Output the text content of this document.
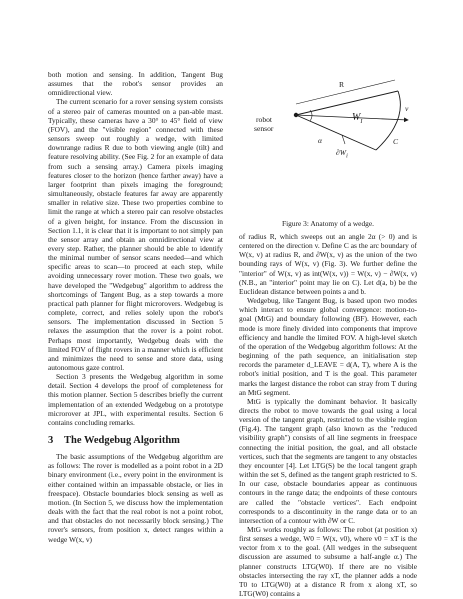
both motion and sensing. In addition, Tangent Bug assumes that the robot's sensor provides an omnidirectional view.

The current scenario for a rover sensing system consists of a stereo pair of cameras mounted on a pan-able mast. Typically, these cameras have a 30° to 45° field of view (FOV), and the "visible region" connected with these sensors sweep out roughly a wedge, with limited downrange radius R due to both viewing angle (tilt) and feature resolving ability. (See Fig. 2 for an example of data from such a sensing array.) Camera pixels imaging features closer to the horizon (hence farther away) have a larger footprint than pixels imaging the foreground; simultaneously, obstacle features far away are apparently smaller in relative size. These two properties combine to limit the range at which a stereo pair can resolve obstacles of a given height, for instance. From the discussion in Section 1.1, it is clear that it is important to not simply pan the sensor array and obtain an omnidirectional view at every step. Rather, the planner should be able to identify the minimal number of sensor scans needed—and which specific areas to scan—to proceed at each step, while avoiding unnecessary rover motion. These two goals, we have developed the "Wedgebug" algorithm to address the shortcomings of Tangent Bug, as a step towards a more practical path planner for flight microrovers. Wedgebug is complete, correct, and relies solely upon the robot's sensors. The implementation discussed in Section 5 relaxes the assumption that the rover is a point robot. Perhaps most importantly, Wedgebug deals with the limited FOV of flight rovers in a manner which is efficient and minimizes the need to sense and store data, using autonomous gaze control.

Section 3 presents the Wedgebug algorithm in some detail. Section 4 develops the proof of completeness for this motion planner. Section 5 describes briefly the current implementation of an extended Wedgebug on a prototype microrover at JPL, with experimental results. Section 6 contains concluding remarks.

3 The Wedgebug Algorithm

The basic assumptions of the Wedgebug algorithm are as follows: The rover is modelled as a point robot in a 2D binary environment (i.e., every point in the environment is either contained within an impassable obstacle, or lies in freespace). Obstacle boundaries block sensing as well as motion. (In Section 5, we discuss how the implementation deals with the fact that the real robot is not a point robot, and that obstacles do not necessarily block sensing.) The rover's sensors, from position x, detect ranges within a wedge W(x, v)

R
robot
sensor
$W_I$
α	C
v
$\partial W_i$
Figure 3: Anatomy of a wedge.

of radius R, which sweeps out an angle 2α (> 0) and is centered on the direction v. Define C as the arc boundary of W(x, v) at radius R, and ∂W(x, v) as the union of the two bounding rays of W(x, v) (Fig. 3). We further define the "interior" of W(x, v) as int(W(x, v)) = W(x, v) − ∂W(x, v) (N.B., an "interior" point may lie on C). Let d(a, b) be the Euclidean distance between points a and b.

Wedgebug, like Tangent Bug, is based upon two modes which interact to ensure global convergence: motion-to-goal (MtG) and boundary following (BF). However, each mode is more finely divided into components that improve efficiency and handle the limited FOV. A high-level sketch of the operation of the Wedgebug algorithm follows: At the beginning of the path sequence, an initialisation step records the parameter d_LEAVE = d(A, T), where A is the robot's initial position, and T is the goal. This parameter marks the largest distance the robot can stray from T during an MtG segment.

MtG is typically the dominant behavior. It basically directs the robot to move towards the goal using a local version of the tangent graph, restricted to the visible region (Fig.4). The tangent graph (also known as the "reduced visibility graph") consists of all line segments in freespace connecting the initial position, the goal, and all obstacle vertices, such that the segments are tangent to any obstacles they encounter [4]. Let LTG(S) be the local tangent graph within the set S, defined as the tangent graph restricted to S. In our case, obstacle boundaries appear as continuous contours in the range data; the endpoints of these contours are called the "obstacle vertices". Each endpoint corresponds to a discontinuity in the range data or to an intersection of a contour with ∂W or C.

MtG works roughly as follows: The robot (at position x) first senses a wedge, W0 = W(x, v0), where v0 = xT is the vector from x to the goal. (All wedges in the subsequent discussion are assumed to subsume a half-angle α.) The planner constructs LTG(W0). If there are no visible obstacles intersecting the ray xT, the planner adds a node T0 to LTG(W0) at a distance R from x along xT, so LTG(W0) contains a
